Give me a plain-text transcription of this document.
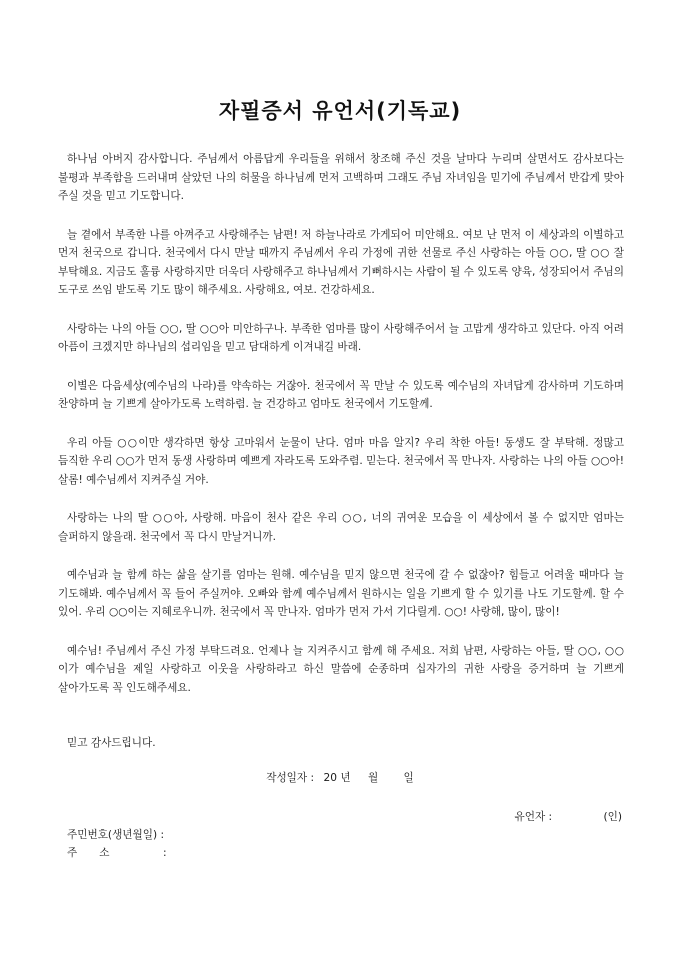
자필증서 유언서(기독교)

하나님 아버지 감사합니다. 주님께서 아름답게 우리들을 위해서 창조해 주신 것을 날마다 누리며 살면서도 감사보다는 불평과 부족함을 드러내며 살았던 나의 허물을 하나님께 먼저 고백하며 그래도 주님 자녀임을 믿기에 주님께서 반갑게 맞아 주실 것을 믿고 기도합니다.

늘 곁에서 부족한 나를 아껴주고 사랑해주는 남편! 저 하늘나라로 가게되어 미안해요. 여보 난 먼저 이 세상과의 이별하고 먼저 천국으로 갑니다. 천국에서 다시 만날 때까지 주님께서 우리 가정에 귀한 선물로 주신 사랑하는 아들 ○○, 딸 ○○ 잘 부탁해요. 지금도 훌륭 사랑하지만 더욱더 사랑해주고 하나님께서 기뻐하시는 사람이 될 수 있도록 양육, 성장되어서 주님의 도구로 쓰임 받도록 기도 많이 해주세요. 사랑해요, 여보. 건강하세요.

사랑하는 나의 아들 ○○, 딸 ○○아 미안하구나. 부족한 엄마를 많이 사랑해주어서 늘 고맙게 생각하고 있단다. 아직 어려 아픔이 크겠지만 하나님의 섭리임을 믿고 담대하게 이겨내길 바래.

이별은 다음세상(예수님의 나라)를 약속하는 거잖아. 천국에서 꼭 만날 수 있도록 예수님의 자녀답게 감사하며 기도하며 찬양하며 늘 기쁘게 살아가도록 노력하렴. 늘 건강하고 엄마도 천국에서 기도할께.

우리 아들 ○○이만 생각하면 항상 고마워서 눈물이 난다. 엄마 마음 알지? 우리 착한 아들! 동생도 잘 부탁해. 정많고 듬직한 우리 ○○가 먼저 동생 사랑하며 예쁘게 자라도록 도와주렴. 믿는다. 천국에서 꼭 만나자. 사랑하는 나의 아들 ○○아! 살롬! 예수님께서 지켜주실 거야.

사랑하는 나의 딸 ○○아, 사랑해. 마음이 천사 같은 우리 ○○, 너의 귀여운 모습을 이 세상에서 볼 수 없지만 엄마는 슬퍼하지 않을래. 천국에서 꼭 다시 만날거니까.

예수님과 늘 함께 하는 삶을 살기를 엄마는 원해. 예수님을 믿지 않으면 천국에 갈 수 없잖아? 힘들고 어려울 때마다 늘 기도해봐. 예수님께서 꼭 들어 주실꺼야. 오빠와 함께 예수님께서 원하시는 일을 기쁘게 할 수 있기를 나도 기도할께. 할 수 있어. 우리 ○○이는 지혜로우니까. 천국에서 꼭 만나자. 엄마가 먼저 가서 기다릴게. ○○! 사랑해, 많이, 많이!

예수님! 주님께서 주신 가정 부탁드려요. 언제나 늘 지켜주시고 함께 해 주세요. 저희 남편, 사랑하는 아들, 딸 ○○, ○○이가 예수님을 제일 사랑하고 이웃을 사랑하라고 하신 말씀에 순종하며 십자가의 귀한 사랑을 증거하며 늘 기쁘게 살아가도록 꼭 인도해주세요.

믿고 감사드립니다.
작성일자 : 20 년 월 일
유언자 :	(인)
주민번호(생년월일) :
주소	:
